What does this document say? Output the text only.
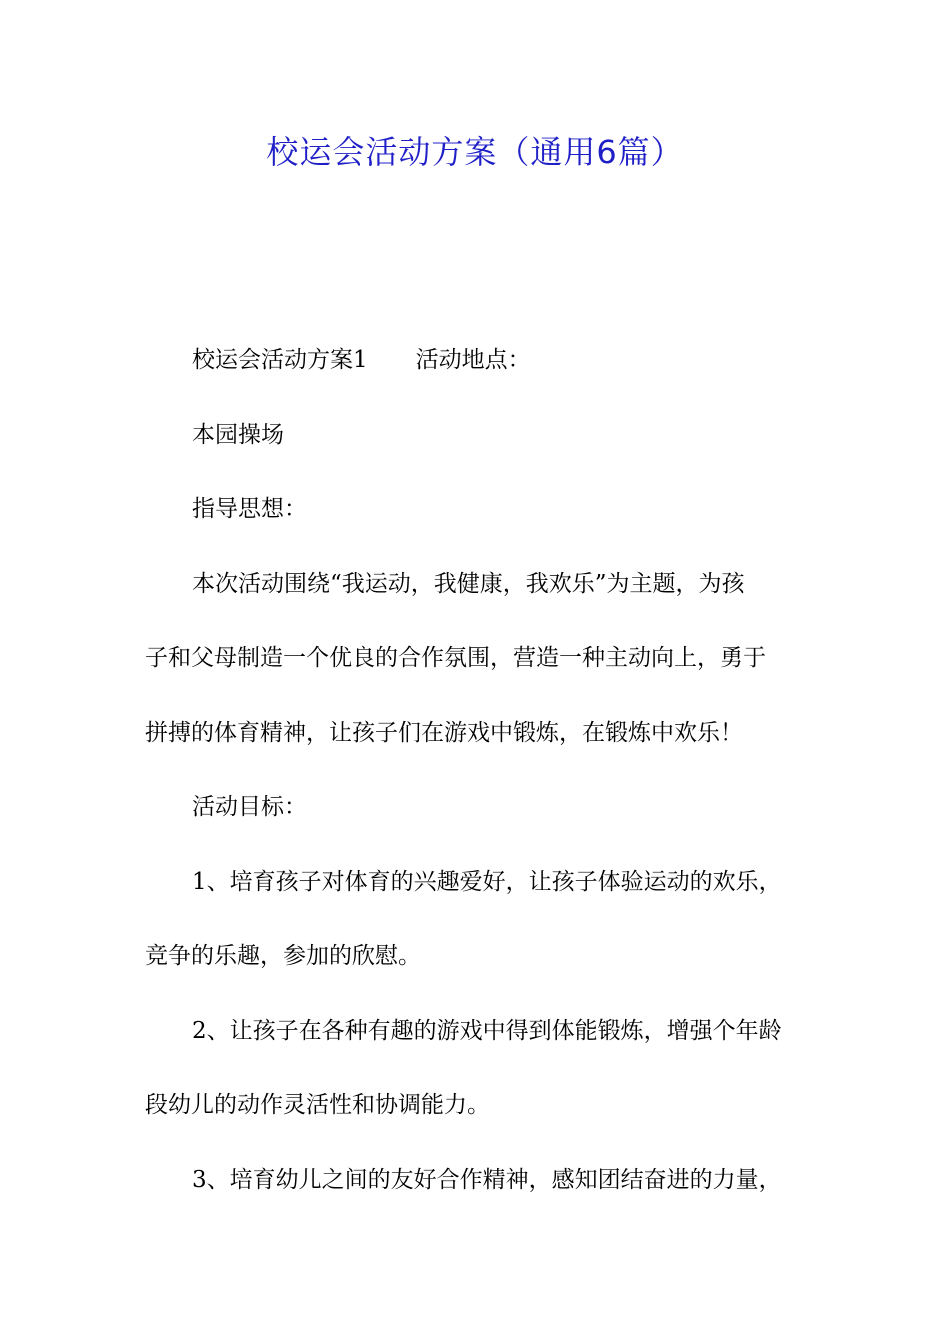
校运会活动方案（通用6篇）
校运会活动方案1 活动地点：
本园操场
指导思想：
本次活动围绕“我运动，我健康，我欢乐”为主题，为孩
子和父母制造一个优良的合作氛围，营造一种主动向上，勇于
拼搏的体育精神，让孩子们在游戏中锻炼，在锻炼中欢乐！
活动目标：
1、培育孩子对体育的兴趣爱好，让孩子体验运动的欢乐，
竞争的乐趣，参加的欣慰。
2、让孩子在各种有趣的游戏中得到体能锻炼，增强个年龄
段幼儿的动作灵活性和协调能力。
3、培育幼儿之间的友好合作精神，感知团结奋进的力量，
